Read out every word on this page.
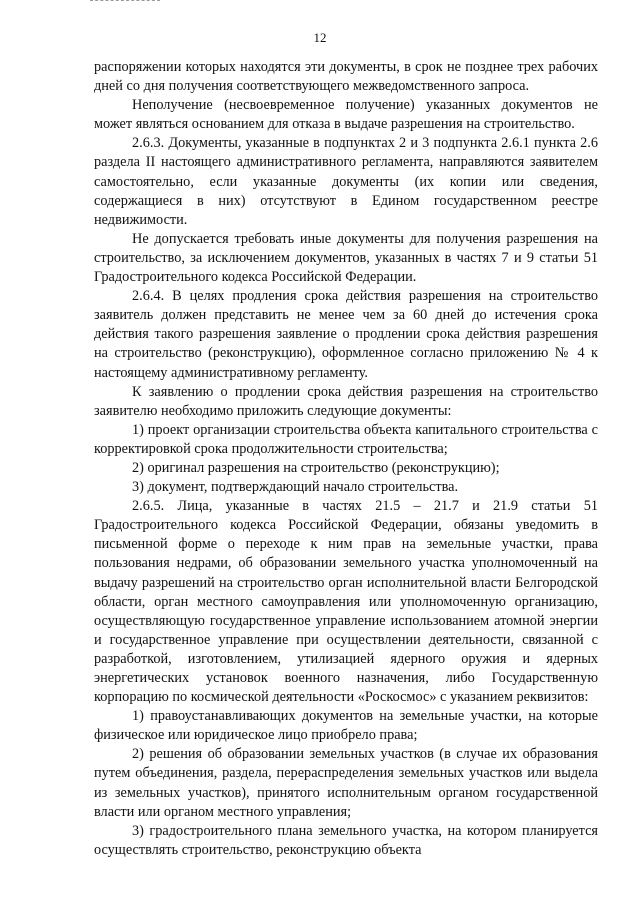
12

распоряжении которых находятся эти документы, в срок не позднее трех рабочих дней со дня получения соответствующего межведомственного запроса.

Неполучение (несвоевременное получение) указанных документов не может являться основанием для отказа в выдаче разрешения на строительство.

2.6.3. Документы, указанные в подпунктах 2 и 3 подпункта 2.6.1 пункта 2.6 раздела II настоящего административного регламента, направляются заявителем самостоятельно, если указанные документы (их копии или сведения, содержащиеся в них) отсутствуют в Едином государственном реестре недвижимости.

Не допускается требовать иные документы для получения разрешения на строительство, за исключением документов, указанных в частях 7 и 9 статьи 51 Градостроительного кодекса Российской Федерации.

2.6.4. В целях продления срока действия разрешения на строительство заявитель должен представить не менее чем за 60 дней до истечения срока действия такого разрешения заявление о продлении срока действия разрешения на строительство (реконструкцию), оформленное согласно приложению № 4 к настоящему административному регламенту.

К заявлению о продлении срока действия разрешения на строительство заявителю необходимо приложить следующие документы:

1) проект организации строительства объекта капитального строительства с корректировкой срока продолжительности строительства;

2) оригинал разрешения на строительство (реконструкцию);

3) документ, подтверждающий начало строительства.

2.6.5. Лица, указанные в частях 21.5 – 21.7 и 21.9 статьи 51 Градостроительного кодекса Российской Федерации, обязаны уведомить в письменной форме о переходе к ним прав на земельные участки, права пользования недрами, об образовании земельного участка уполномоченный на выдачу разрешений на строительство орган исполнительной власти Белгородской области, орган местного самоуправления или уполномоченную организацию, осуществляющую государственное управление использованием атомной энергии и государственное управление при осуществлении деятельности, связанной с разработкой, изготовлением, утилизацией ядерного оружия и ядерных энергетических установок военного назначения, либо Государственную корпорацию по космической деятельности «Роскосмос» с указанием реквизитов:

1) правоустанавливающих документов на земельные участки, на которые физическое или юридическое лицо приобрело права;

2) решения об образовании земельных участков (в случае их образования путем объединения, раздела, перераспределения земельных участков или выдела из земельных участков), принятого исполнительным органом государственной власти или органом местного управления;

3) градостроительного плана земельного участка, на котором планируется осуществлять строительство, реконструкцию объекта
